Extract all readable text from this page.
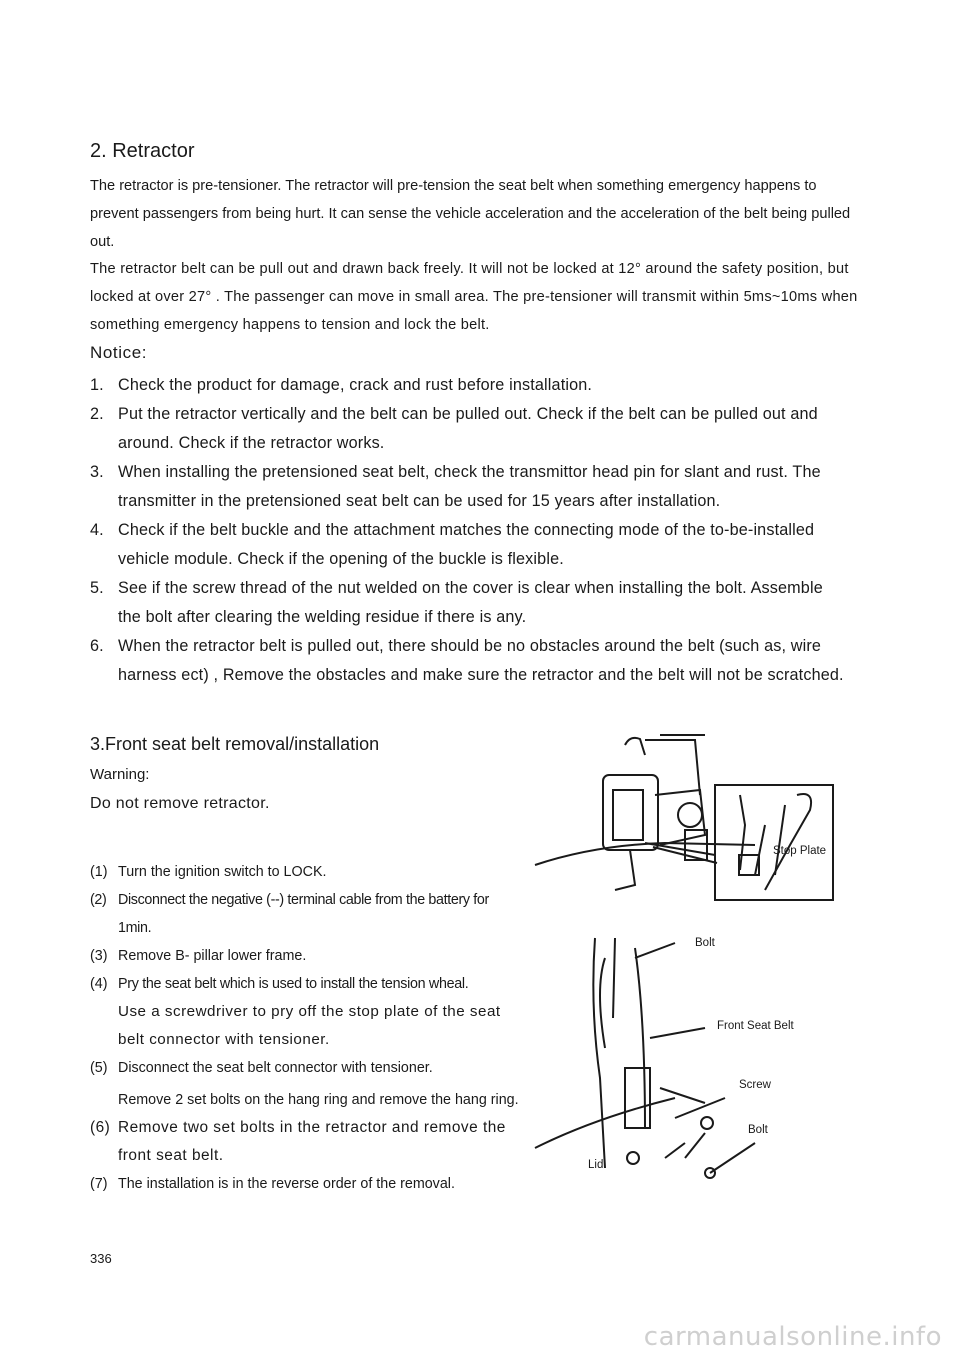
2. Retractor

The retractor is pre-tensioner. The retractor will pre-tension the seat belt when something emergency happens to prevent passengers from being hurt. It can sense the vehicle acceleration and the acceleration of the belt being pulled out.

The retractor belt can be pull out and drawn back freely. It will not be locked at 12° around the safety position, but locked at over 27° . The passenger can move in small area. The pre-tensioner will transmit within 5ms~10ms when something emergency happens to tension and lock the belt.

Notice:
1. Check the product for damage, crack and rust before installation.
2. Put the retractor vertically and the belt can be pulled out. Check if the belt can be pulled out and around. Check if the retractor works.
3. When installing the pretensioned seat belt, check the transmittor head pin for slant and rust. The transmitter in the pretensioned seat belt can be used for 15 years after installation.
4. Check if the belt buckle and the attachment matches the connecting mode of the to-be-installed vehicle module. Check if the opening of the buckle is flexible.
5. See if the screw thread of the nut welded on the cover is clear when installing the bolt. Assemble the bolt after clearing the welding residue if there is any.
6. When the retractor belt is pulled out, there should be no obstacles around the belt (such as, wire harness ect) , Remove the obstacles and make sure the retractor and the belt will not be scratched.
3.Front seat belt removal/installation
Warning:
Do not remove retractor.
(1) Turn the ignition switch to LOCK.
(2) Disconnect the negative (--) terminal cable from the battery for 1min.
(3) Remove B- pillar lower frame.
(4) Pry the seat belt which is used to install the tension wheal.
Use a screwdriver to pry off the stop plate of the seat belt connector with tensioner.
(5) Disconnect the seat belt connector with tensioner.
Remove 2 set bolts on the hang ring and remove the hang ring.
(6) Remove two set bolts in the retractor and remove the front seat belt.
(7) The installation is in the reverse order of the removal.
Stop Plate
Bolt
Front Seat Belt
Screw
Bolt
Lid
336
carmanualsonline.info
